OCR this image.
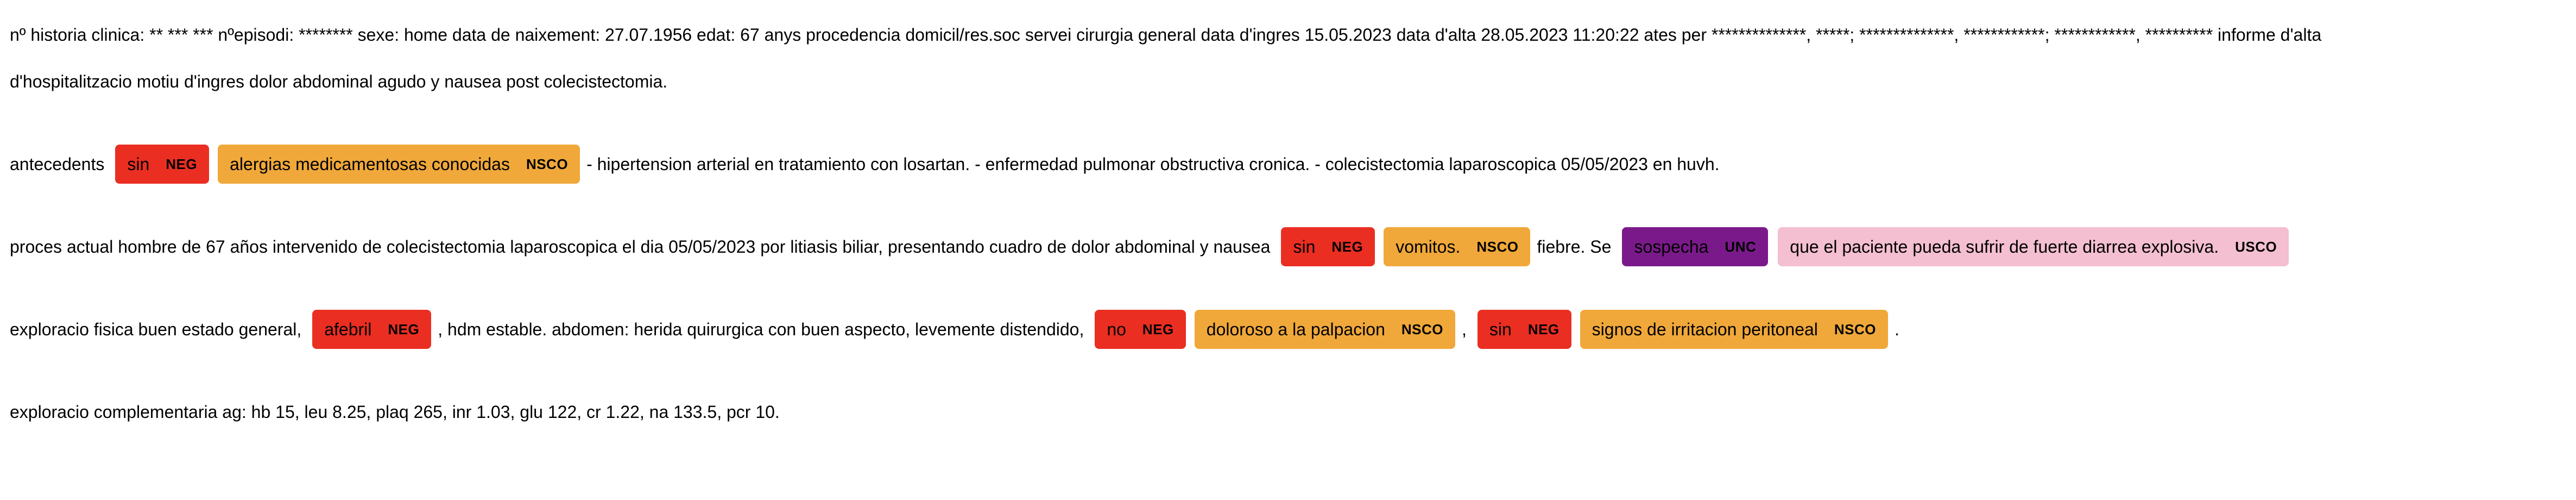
nº historia clinica: ** *** *** nºepisodi: ******** sexe: home data de naixement: 27.07.1956 edat: 67 anys procedencia domicil/res.soc servei cirurgia general data d'ingres 15.05.2023 data d'alta 28.05.2023 11:20:22 ates per **************, *****; **************, ************; ************, ********** informe d'alta
d'hospitalitzacio motiu d'ingres dolor abdominal agudo y nausea post colecistectomia.
antecedents sin NEG alergias medicamentosas conocidas NSCO - hipertension arterial en tratamiento con losartan. - enfermedad pulmonar obstructiva cronica. - colecistectomia laparoscopica 05/05/2023 en huvh.
proces actual hombre de 67 años intervenido de colecistectomia laparoscopica el dia 05/05/2023 por litiasis biliar, presentando cuadro de dolor abdominal y nausea sin NEG vomitos. NSCO fiebre. Se sospecha UNC que el paciente pueda sufrir de fuerte diarrea explosiva. USCO
exploracio fisica buen estado general, afebril NEG , hdm estable. abdomen: herida quirurgica con buen aspecto, levemente distendido, no NEG doloroso a la palpacion NSCO , sin NEG signos de irritacion peritoneal NSCO .
exploracio complementaria ag: hb 15, leu 8.25, plaq 265, inr 1.03, glu 122, cr 1.22, na 133.5, pcr 10.
